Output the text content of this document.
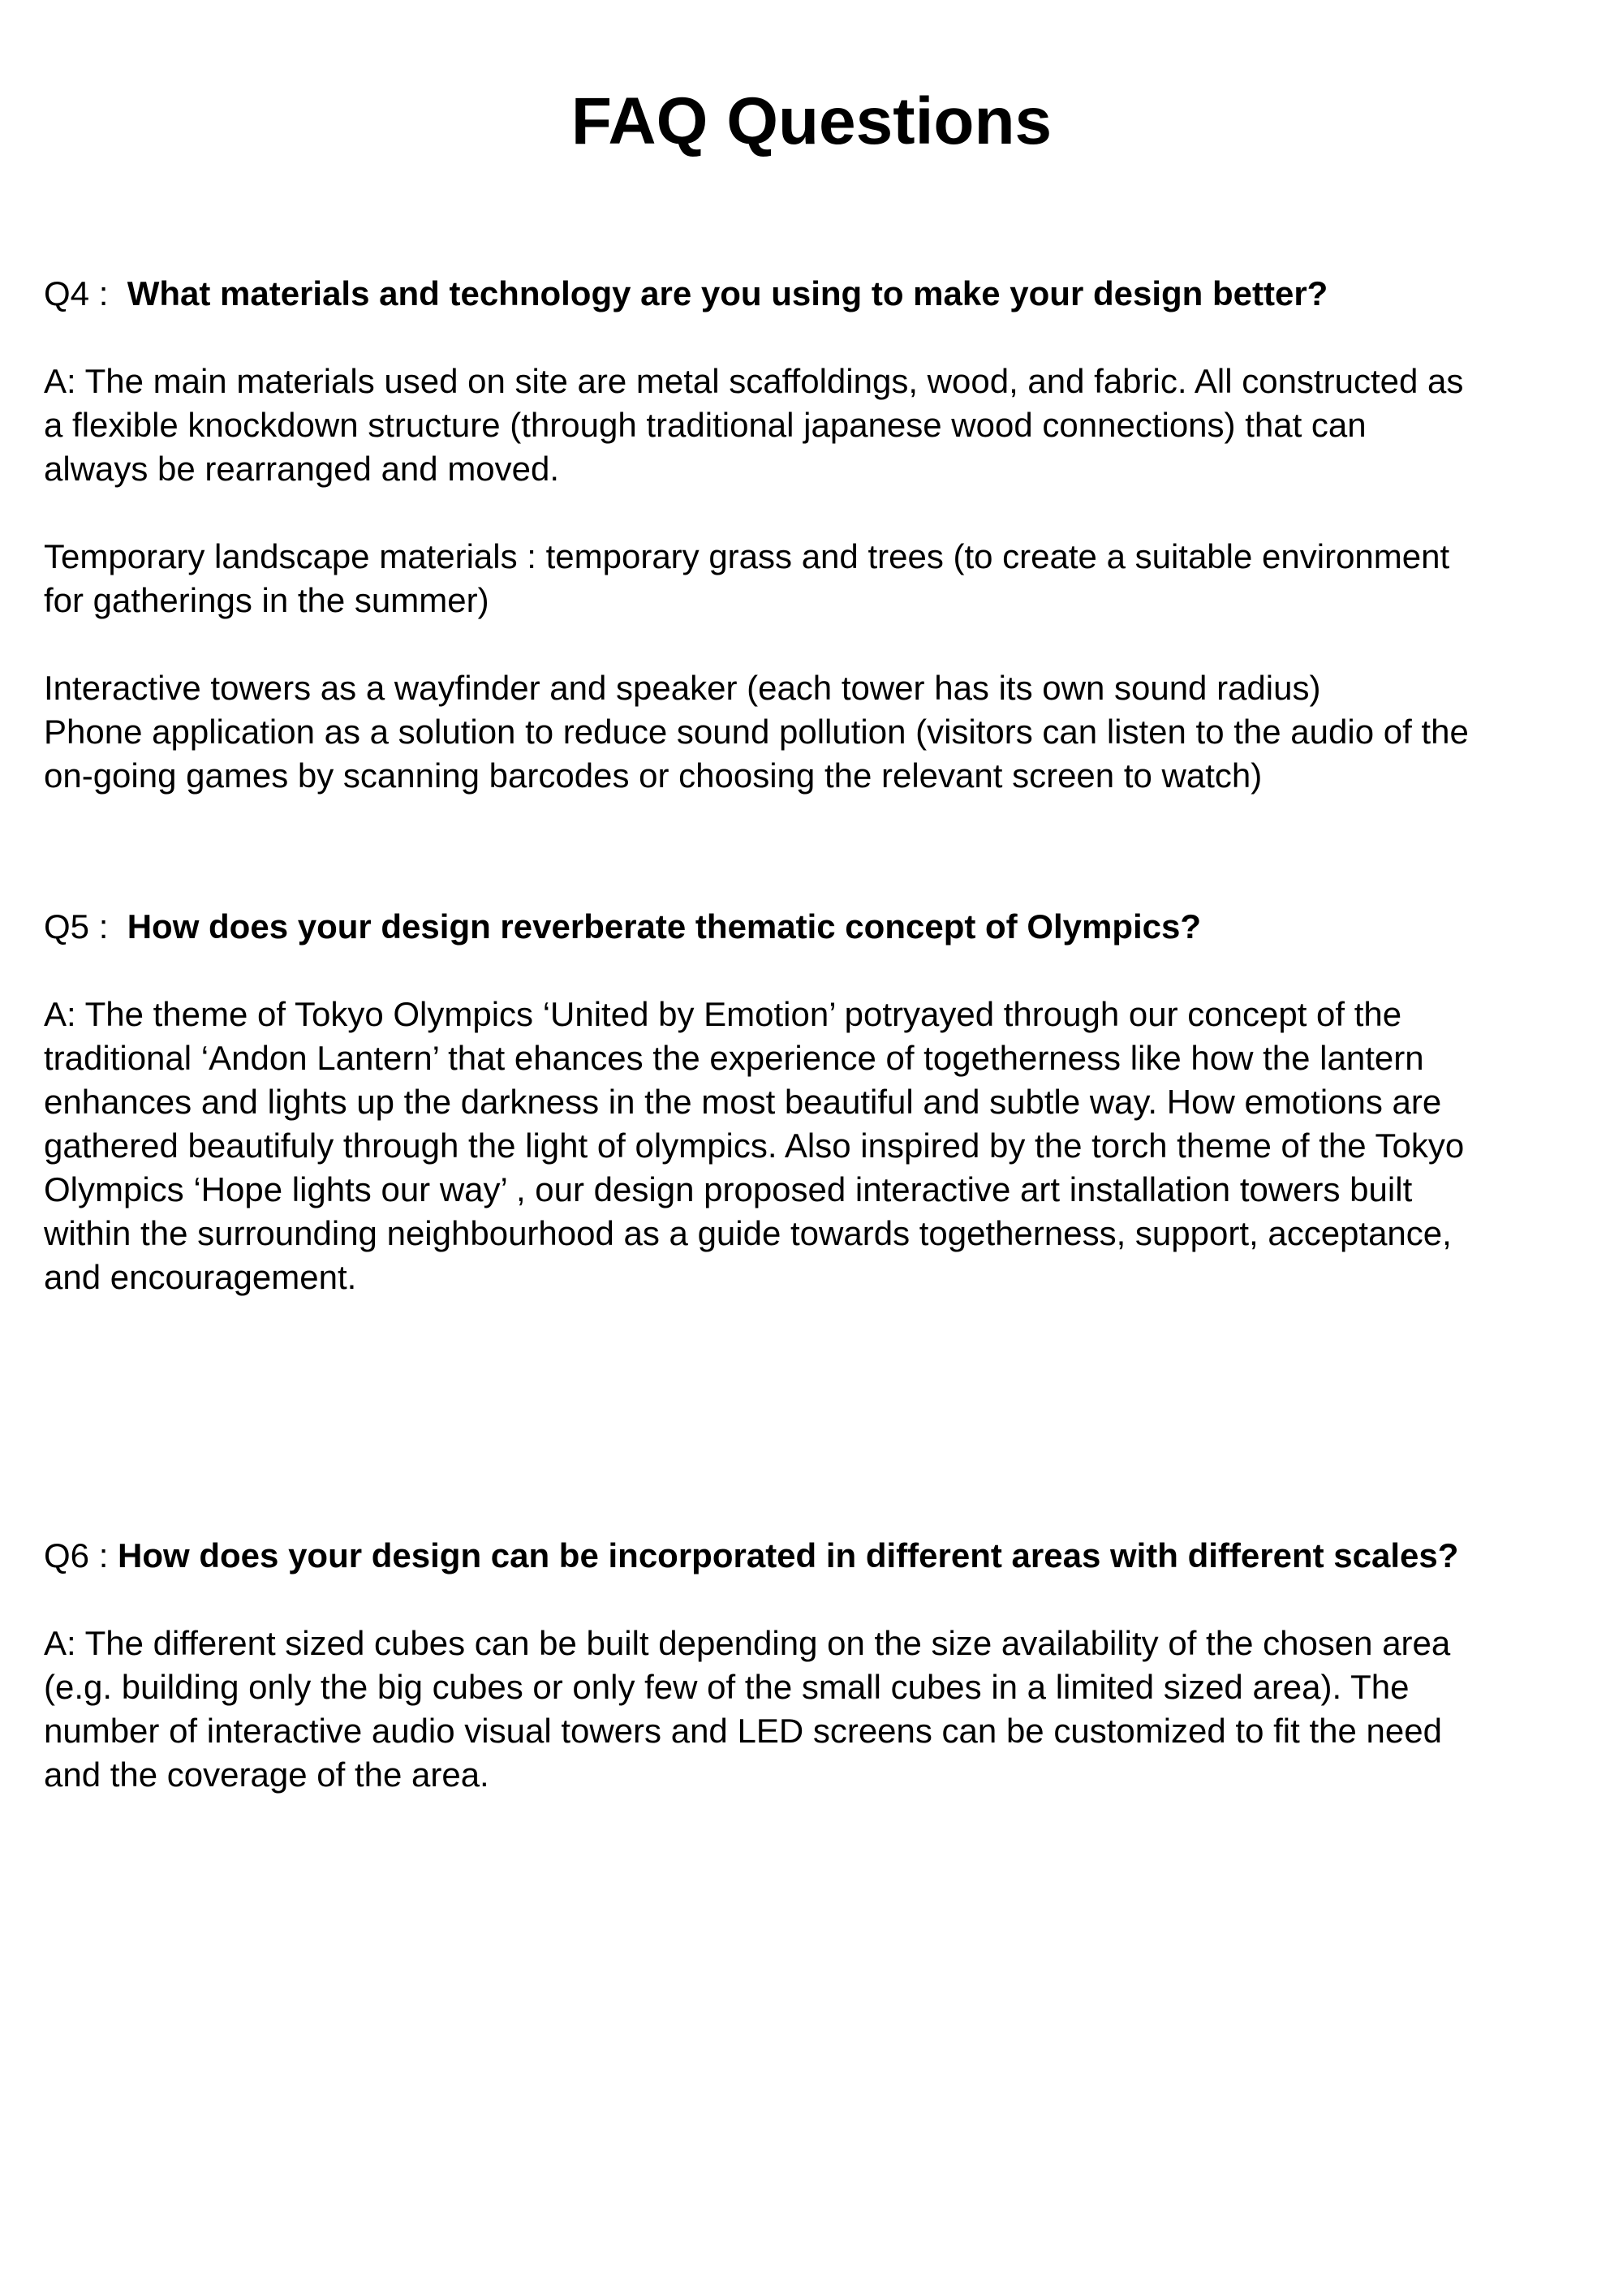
FAQ Questions

Q4 :  What materials and technology are you using to make your design better?

A: The main materials used on site are metal scaffoldings, wood, and fabric. All constructed as
a flexible knockdown structure (through traditional japanese wood connections) that can
always be rearranged and moved.

Temporary landscape materials : temporary grass and trees (to create a suitable environment
for gatherings in the summer)

Interactive towers as a wayfinder and speaker (each tower has its own sound radius)
Phone application as a solution to reduce sound pollution (visitors can listen to the audio of the
on-going games by scanning barcodes or choosing the relevant screen to watch)

Q5 :  How does your design reverberate thematic concept of Olympics?

A: The theme of Tokyo Olympics ‘United by Emotion’ potryayed through our concept of the
traditional ‘Andon Lantern’ that ehances the experience of togetherness like how the lantern
enhances and lights up the darkness in the most beautiful and subtle way. How emotions are
gathered beautifuly through the light of olympics. Also inspired by the torch theme of the Tokyo
Olympics ‘Hope lights our way’ , our design proposed interactive art installation towers built
within the surrounding neighbourhood as a guide towards togetherness, support, acceptance,
and encouragement.

Q6 : How does your design can be incorporated in different areas with different scales?

A: The different sized cubes can be built depending on the size availability of the chosen area
(e.g. building only the big cubes or only few of the small cubes in a limited sized area). The
number of interactive audio visual towers and LED screens can be customized to fit the need
and the coverage of the area.
